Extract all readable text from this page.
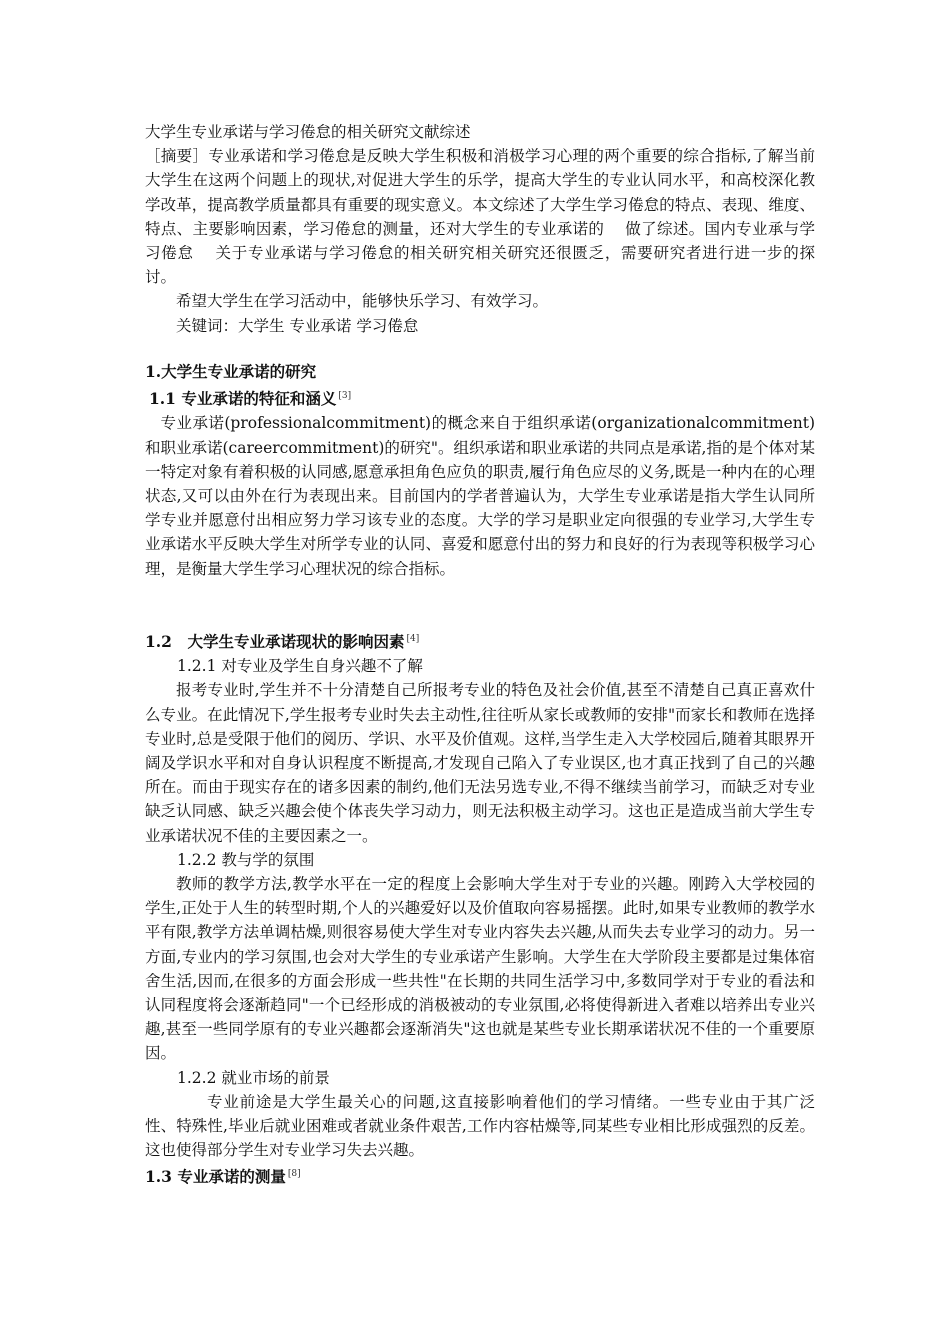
大学生专业承诺与学习倦怠的相关研究文献综述

［摘要］专业承诺和学习倦怠是反映大学生积极和消极学习心理的两个重要的综合指标,了解当前大学生在这两个问题上的现状,对促进大学生的乐学，提高大学生的专业认同水平，和高校深化教学改革，提高教学质量都具有重要的现实意义。本文综述了大学生学习倦怠的特点、表现、维度、特点、主要影响因素，学习倦怠的测量，还对大学生的专业承诺的　 做了综述。国内专业承与学习倦怠　 关于专业承诺与学习倦怠的相关研究相关研究还很匮乏，需要研究者进行进一步的探讨。

希望大学生在学习活动中，能够快乐学习、有效学习。

关键词：大学生 专业承诺 学习倦怠

1.大学生专业承诺的研究

1.1 专业承诺的特征和涵义 [3]

专业承诺(professionalcommitment)的概念来自于组织承诺(organizationalcommitment)和职业承诺(careercommitment)的研究"。组织承诺和职业承诺的共同点是承诺,指的是个体对某一特定对象有着积极的认同感,愿意承担角色应负的职责,履行角色应尽的义务,既是一种内在的心理状态,又可以由外在行为表现出来。目前国内的学者普遍认为，大学生专业承诺是指大学生认同所学专业并愿意付出相应努力学习该专业的态度。大学的学习是职业定向很强的专业学习,大学生专业承诺水平反映大学生对所学专业的认同、喜爱和愿意付出的努力和良好的行为表现等积极学习心理，是衡量大学生学习心理状况的综合指标。

1.2　大学生专业承诺现状的影响因素 [4]

1.2.1 对专业及学生自身兴趣不了解

报考专业时,学生并不十分清楚自己所报考专业的特色及社会价值,甚至不清楚自己真正喜欢什么专业。在此情况下,学生报考专业时失去主动性,往往听从家长或教师的安排"而家长和教师在选择专业时,总是受限于他们的阅历、学识、水平及价值观。这样,当学生走入大学校园后,随着其眼界开阔及学识水平和对自身认识程度不断提高,才发现自己陷入了专业误区,也才真正找到了自己的兴趣所在。而由于现实存在的诸多因素的制约,他们无法另选专业,不得不继续当前学习，而缺乏对专业缺乏认同感、缺乏兴趣会使个体丧失学习动力，则无法积极主动学习。这也正是造成当前大学生专业承诺状况不佳的主要因素之一。

1.2.2 教与学的氛围

教师的教学方法,教学水平在一定的程度上会影响大学生对于专业的兴趣。刚跨入大学校园的学生,正处于人生的转型时期,个人的兴趣爱好以及价值取向容易摇摆。此时,如果专业教师的教学水平有限,教学方法单调枯燥,则很容易使大学生对专业内容失去兴趣,从而失去专业学习的动力。另一方面,专业内的学习氛围,也会对大学生的专业承诺产生影响。大学生在大学阶段主要都是过集体宿舍生活,因而,在很多的方面会形成一些共性"在长期的共同生活学习中,多数同学对于专业的看法和认同程度将会逐渐趋同"一个已经形成的消极被动的专业氛围,必将使得新进入者难以培养出专业兴趣,甚至一些同学原有的专业兴趣都会逐渐消失"这也就是某些专业长期承诺状况不佳的一个重要原因。

1.2.2 就业市场的前景

专业前途是大学生最关心的问题,这直接影响着他们的学习情绪。一些专业由于其广泛性、特殊性,毕业后就业困难或者就业条件艰苦,工作内容枯燥等,同某些专业相比形成强烈的反差。这也使得部分学生对专业学习失去兴趣。

1.3 专业承诺的测量 [8]
